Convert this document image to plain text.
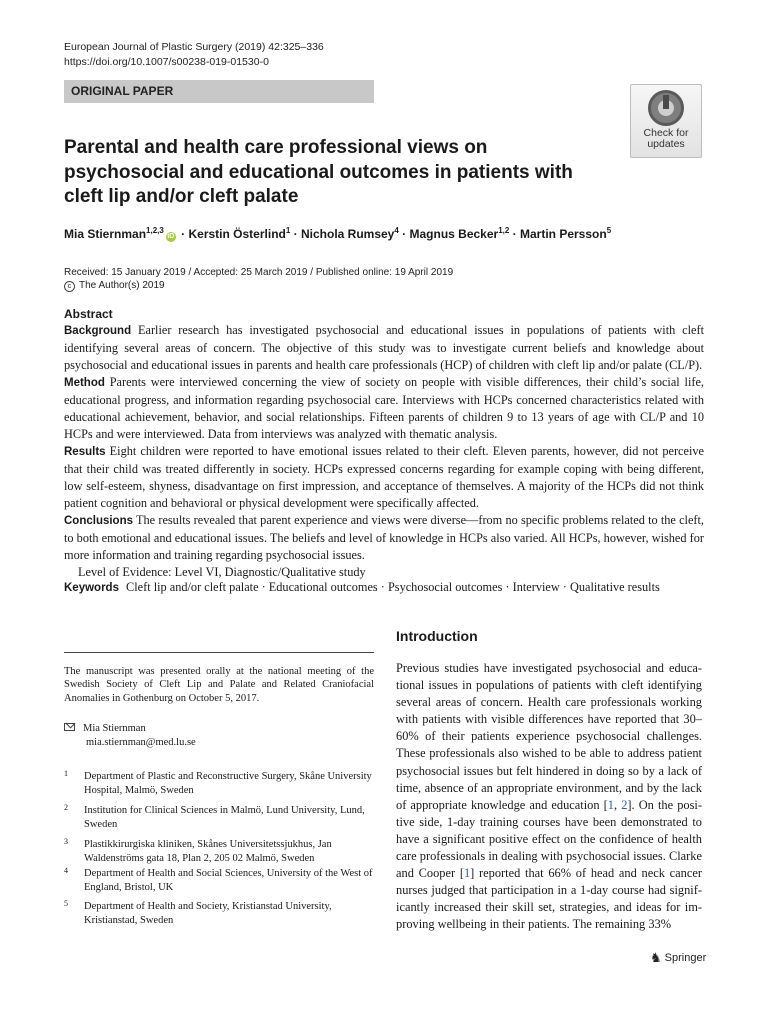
European Journal of Plastic Surgery (2019) 42:325–336
https://doi.org/10.1007/s00238-019-01530-0
ORIGINAL PAPER
Check for
updates
Parental and health care professional views on psychosocial and educational outcomes in patients with cleft lip and/or cleft palate
Mia Stiernman$^{1,2,3}$iD · Kerstin Österlind$^1$ · Nichola Rumsey$^4$ · Magnus Becker$^{1,2}$ · Martin Persson$^5$
Received: 15 January 2019 / Accepted: 25 March 2019 / Published online: 19 April 2019
c The Author(s) 2019
Abstract

Background Earlier research has investigated psychosocial and educational issues in populations of patients with cleft identifying several areas of concern. The objective of this study was to investigate current beliefs and knowledge about psychosocial and educational issues in parents and health care professionals (HCP) of children with cleft lip and/or palate (CL/P).

Method Parents were interviewed concerning the view of society on people with visible differences, their child’s social life, educational progress, and information regarding psychosocial care. Interviews with HCPs concerned characteristics related with educational achievement, behavior, and social relationships. Fifteen parents of children 9 to 13 years of age with CL/P and 10 HCPs and were interviewed. Data from interviews was analyzed with thematic analysis.

Results Eight children were reported to have emotional issues related to their cleft. Eleven parents, however, did not perceive that their child was treated differently in society. HCPs expressed concerns regarding for example coping with being different, low self-esteem, shyness, disadvantage on first impression, and acceptance of themselves. A majority of the HCPs did not think patient cognition and behavioral or physical development were specifically affected.

Conclusions The results revealed that parent experience and views were diverse—from no specific problems related to the cleft, to both emotional and educational issues. The beliefs and level of knowledge in HCPs also varied. All HCPs, however, wished for more information and training regarding psychosocial issues.

Level of Evidence: Level VI, Diagnostic/Qualitative study

Keywords Cleft lip and/or cleft palate · Educational outcomes · Psychosocial outcomes · Interview · Qualitative results
The manuscript was presented orally at the national meeting of the Swedish Society of Cleft Lip and Palate and Related Craniofacial Anomalies in Gothenburg on October 5, 2017.
Mia Stiernman
mia.stiernman@med.lu.se
1 Department of Plastic and Reconstructive Surgery, Skåne University Hospital, Malmö, Sweden
2 Institution for Clinical Sciences in Malmö, Lund University, Lund, Sweden
3 Plastikkirurgiska kliniken, Skånes Universitetssjukhus, Jan Waldenströms gata 18, Plan 2, 205 02 Malmö, Sweden
4 Department of Health and Social Sciences, University of the West of England, Bristol, UK
5 Department of Health and Society, Kristianstad University, Kristianstad, Sweden
Introduction
Previous studies have investigated psychosocial and educa-tional issues in populations of patients with cleft identifying several areas of concern. Health care professionals working with patients with visible differences have reported that 30–60% of their patients experience psychosocial challenges. These professionals also wished to be able to address patient psychosocial issues but felt hindered in doing so by a lack of time, absence of an appropriate environment, and by the lack of appropriate knowledge and education [1, 2]. On the posi-tive side, 1-day training courses have been demonstrated to have a significant positive effect on the confidence of health care professionals in dealing with psychosocial issues. Clarke and Cooper [1] reported that 66% of head and neck cancer nurses judged that participation in a 1-day course had signif-icantly increased their skill set, strategies, and ideas for im-proving wellbeing in their patients. The remaining 33%
♞ Springer
